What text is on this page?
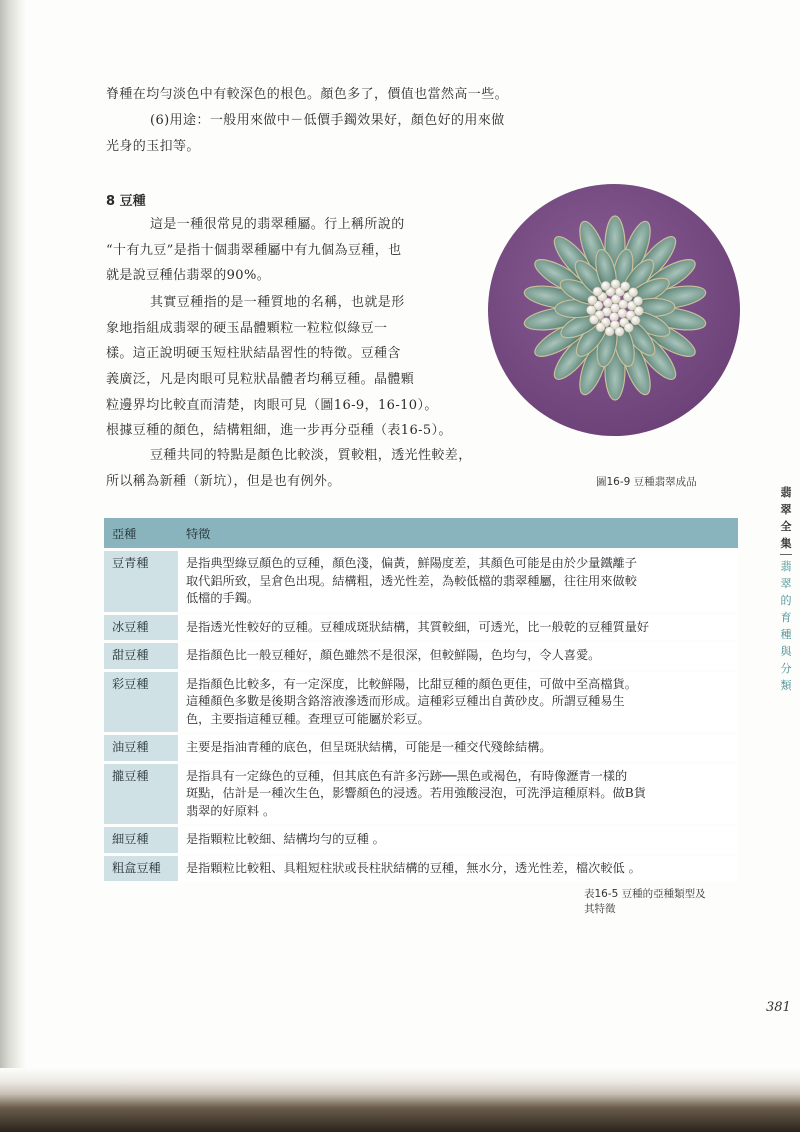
脊種在均勻淡色中有較深色的根色。顏色多了，價值也當然高一些。
(6)用途：一般用來做中－低價手鐲效果好，顏色好的用來做
光身的玉扣等。
8 豆種
這是一種很常見的翡翠種屬。行上稱所說的
“十有九豆”是指十個翡翠種屬中有九個為豆種，也
就是說豆種佔翡翠的90%。
其實豆種指的是一種質地的名稱，也就是形
象地指組成翡翠的硬玉晶體顆粒一粒粒似綠豆一
樣。這正說明硬玉短柱狀結晶習性的特徵。豆種含
義廣泛，凡是肉眼可見粒狀晶體者均稱豆種。晶體顆
粒邊界均比較直而清楚，肉眼可見（圖16-9，16-10）。
根據豆種的顏色，結構粗細，進一步再分亞種（表16-5）。
豆種共同的特點是顏色比較淡，質較粗，透光性較差，
所以稱為新種（新坑），但是也有例外。	圖16-9 豆種翡翠成品
翡
翠
全
集
翡
翠
的
育
種
與
分
類
亞種	特徵
豆青種	是指典型綠豆顏色的豆種，顏色淺，偏黃，鮮陽度差，其顏色可能是由於少量鐵離子
取代鋁所致，呈倉色出現。結構粗，透光性差，為較低檔的翡翠種屬，往往用來做較
低檔的手鐲。

冰豆種	是指透光性較好的豆種。豆種成斑狀結構，其質較細，可透光，比一般乾的豆種質量好

甜豆種	是指顏色比一般豆種好，顏色雖然不是很深，但較鮮陽，色均勻，令人喜愛。

彩豆種	是指顏色比較多，有一定深度，比較鮮陽，比甜豆種的顏色更佳，可做中至高檔貨。
這種顏色多數是後期含鉻溶液滲透而形成。這種彩豆種出自黃砂皮。所謂豆種易生
色，主要指這種豆種。查理豆可能屬於彩豆。

油豆種	主要是指油青種的底色，但呈斑狀結構，可能是一種交代殘餘結構。

攏豆種	是指具有一定綠色的豆種，但其底色有許多污跡──黑色或褐色，有時像瀝青一樣的
斑點，估計是一種次生色，影響顏色的浸透。若用強酸浸泡，可洗淨這種原料。做B貨
翡翠的好原料 。

細豆種	是指顆粒比較細、結構均勻的豆種 。

粗盒豆種	是指顆粒比較粗、具粗短柱狀或長柱狀結構的豆種，無水分，透光性差，檔次較低 。
表16-5 豆種的亞種類型及
其特徵
381
